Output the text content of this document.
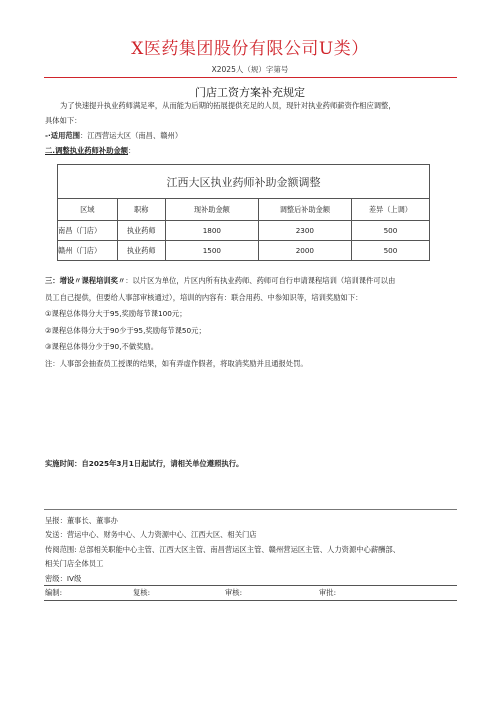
X医药集团股份有限公司U类）
X2025人（规）字第号
门店工资方案补充规定
为了快速提升执业药师满足率，从而能为后期的拓展提供充足的人员，现针对执业药师薪资作相应调整，
具体如下：
-·适用范围：江西营运大区（南昌、赣州）
二.调整执业药师补助金额：
江西大区执业药师补助金额调整				
区域	职称	现补助金额	调整后补助金额	差异（上调）
南昌（门店）	执业药师	1800	2300	500
赣州（门店）	执业药师	1500	2000	500
三：增设〃课程培训奖〃：以片区为单位，片区内所有执业药师、药师可自行申请课程培训（培训课件可以由
员工自己提供，但要给人事部审核通过），培训的内容有：联合用药、中参知识等，培训奖励如下：
①课程总体得分大于95,奖励每节课100元；
②课程总体得分大于90少于95,奖励每节课50元；
③课程总体得分少于90,不做奖励。
注：人事部会抽查员工授课的结果，如有弄虚作假者，将取消奖励并且通报处罚。
实施时间：自2025年3月1日起试行，请相关单位遵照执行。
呈报：董事长、董事办
发送：营运中心、财务中心、人力资源中心、江西大区、相关门店
传阅范围: 总部相关职能中心主管、江西大区主管、南昌营运区主管、赣州营运区主管、人力资源中心薪酬部、
相关门店全体员工
密级：IV级
编制:	复核:	审核:	审批:
